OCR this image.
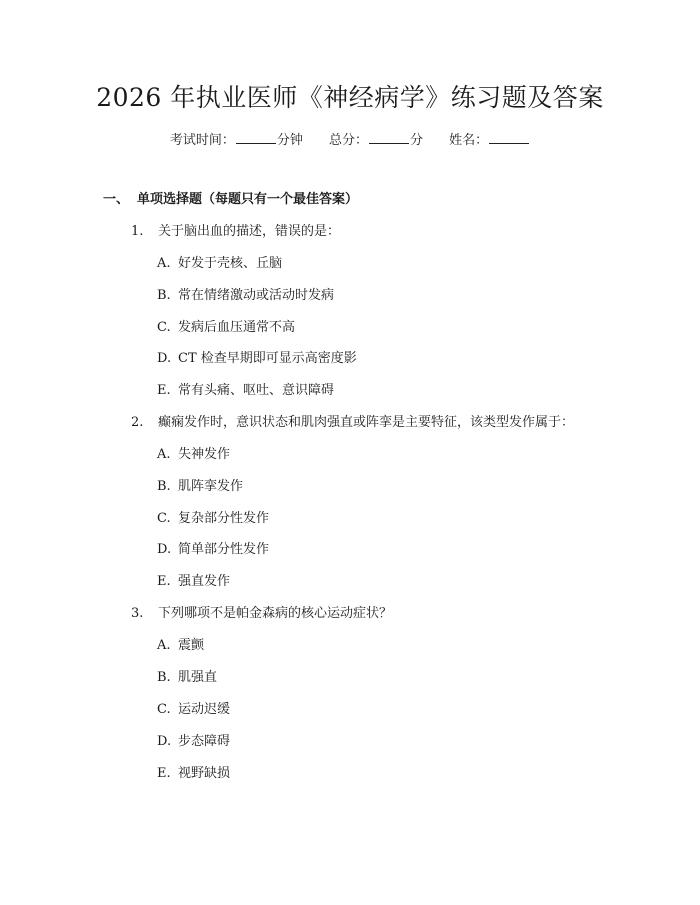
2026 年执业医师《神经病学》练习题及答案
考试时间：	分钟 总分：	分 姓名：
一、 单项选择题（每题只有一个最佳答案）
1. 关于脑出血的描述，错误的是：
A. 好发于壳核、丘脑
B. 常在情绪激动或活动时发病
C. 发病后血压通常不高
D. CT 检查早期即可显示高密度影
E. 常有头痛、呕吐、意识障碍
2. 癫痫发作时，意识状态和肌肉强直或阵挛是主要特征，该类型发作属于：
A. 失神发作
B. 肌阵挛发作
C. 复杂部分性发作
D. 简单部分性发作
E. 强直发作
3. 下列哪项不是帕金森病的核心运动症状？
A. 震颤
B. 肌强直
C. 运动迟缓
D. 步态障碍
E. 视野缺损
